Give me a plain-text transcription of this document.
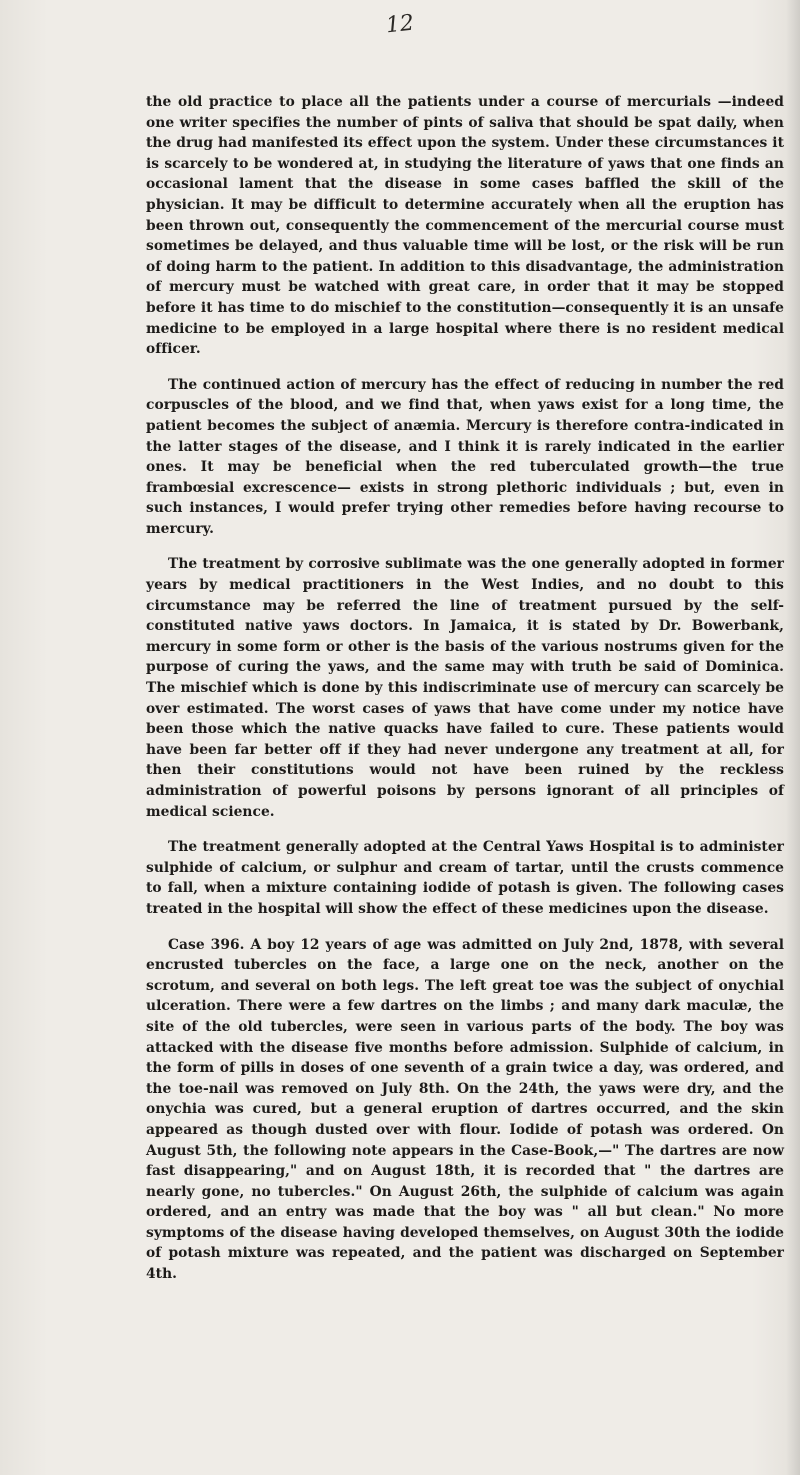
12

the old practice to place all the patients under a course of mercurials —indeed one writer specifies the number of pints of saliva that should be spat daily, when the drug had manifested its effect upon the system. Under these circumstances it is scarcely to be wondered at, in studying the literature of yaws that one finds an occasional lament that the disease in some cases baffled the skill of the physician. It may be difficult to determine accurately when all the eruption has been thrown out, consequently the commencement of the mercurial course must sometimes be delayed, and thus valuable time will be lost, or the risk will be run of doing harm to the patient. In addition to this disadvantage, the administration of mercury must be watched with great care, in order that it may be stopped before it has time to do mischief to the constitution—consequently it is an unsafe medicine to be employed in a large hospital where there is no resident medical officer.

The continued action of mercury has the effect of reducing in number the red corpuscles of the blood, and we find that, when yaws exist for a long time, the patient becomes the subject of anæmia. Mercury is therefore contra-indicated in the latter stages of the disease, and I think it is rarely indicated in the earlier ones. It may be beneficial when the red tuberculated growth—the true frambœsial excrescence— exists in strong plethoric individuals ; but, even in such instances, I would prefer trying other remedies before having recourse to mercury.

The treatment by corrosive sublimate was the one generally adopted in former years by medical practitioners in the West Indies, and no doubt to this circumstance may be referred the line of treatment pursued by the self-constituted native yaws doctors. In Jamaica, it is stated by Dr. Bowerbank, mercury in some form or other is the basis of the various nostrums given for the purpose of curing the yaws, and the same may with truth be said of Dominica. The mischief which is done by this indiscriminate use of mercury can scarcely be over estimated. The worst cases of yaws that have come under my notice have been those which the native quacks have failed to cure. These patients would have been far better off if they had never undergone any treatment at all, for then their constitutions would not have been ruined by the reckless administration of powerful poisons by persons ignorant of all principles of medical science.

The treatment generally adopted at the Central Yaws Hospital is to administer sulphide of calcium, or sulphur and cream of tartar, until the crusts commence to fall, when a mixture containing iodide of potash is given. The following cases treated in the hospital will show the effect of these medicines upon the disease.

Case 396. A boy 12 years of age was admitted on July 2nd, 1878, with several encrusted tubercles on the face, a large one on the neck, another on the scrotum, and several on both legs. The left great toe was the subject of onychial ulceration. There were a few dartres on the limbs ; and many dark maculæ, the site of the old tubercles, were seen in various parts of the body. The boy was attacked with the disease five months before admission. Sulphide of calcium, in the form of pills in doses of one seventh of a grain twice a day, was ordered, and the toe-nail was removed on July 8th. On the 24th, the yaws were dry, and the onychia was cured, but a general eruption of dartres occurred, and the skin appeared as though dusted over with flour. Iodide of potash was ordered. On August 5th, the following note appears in the Case-Book,—" The dartres are now fast disappearing," and on August 18th, it is recorded that " the dartres are nearly gone, no tubercles." On August 26th, the sulphide of calcium was again ordered, and an entry was made that the boy was " all but clean." No more symptoms of the disease having developed themselves, on August 30th the iodide of potash mixture was repeated, and the patient was discharged on September 4th.
